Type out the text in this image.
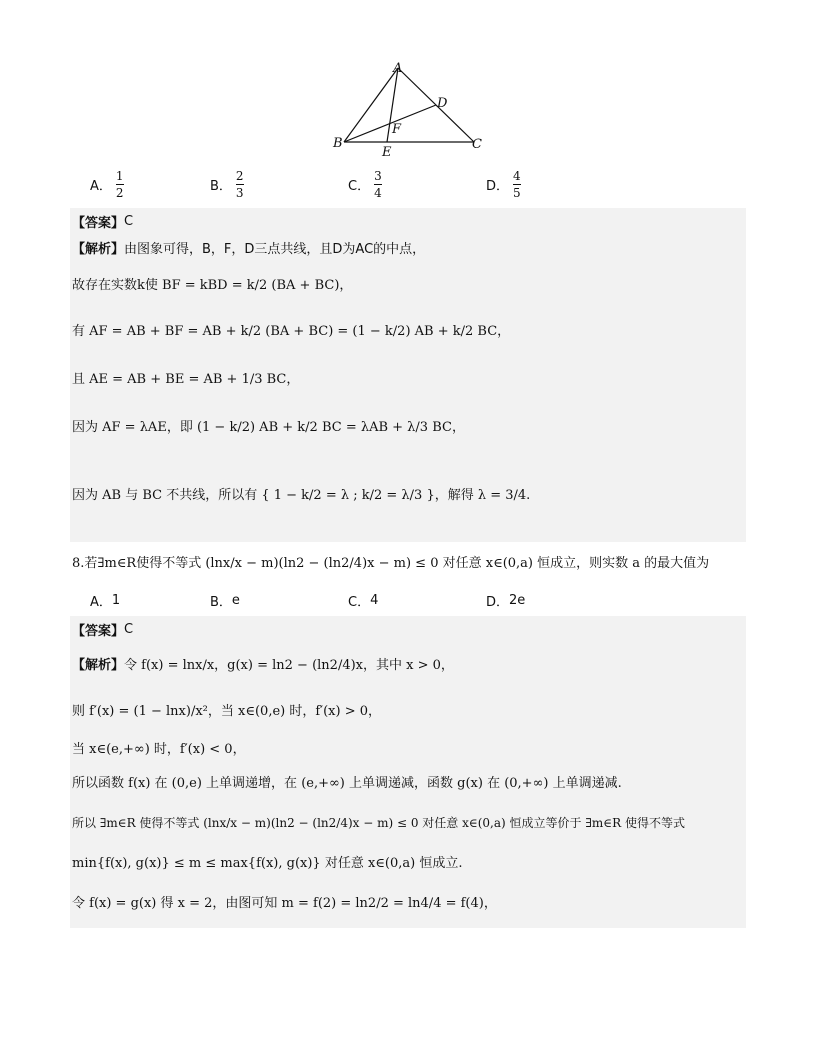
A
B	C
D
E
F
A． $\frac{1}{2}$	B． $\frac{2}{3}$	C． $\frac{3}{4}$	D． $\frac{4}{5}$
【答案】 C
【解析】 由图象可得，B，F，D三点共线，且D为AC的中点，
故存在实数k使 BF = kBD = k/2 (BA + BC)，
有 AF = AB + BF = AB + k/2 (BA + BC) = (1 − k/2) AB + k/2 BC，
且 AE = AB + BE = AB + 1/3 BC，
因为 AF = λAE，即 (1 − k/2) AB + k/2 BC = λAB + λ/3 BC，
因为 AB 与 BC 不共线，所以有 { 1 − k/2 = λ ; k/2 = λ/3 }，解得 λ = 3/4.
8.若∃m∈R使得不等式 (lnx/x − m)(ln2 − (ln2/4)x − m) ≤ 0 对任意 x∈(0,a) 恒成立，则实数 a 的最大值为
A． 1	B． e	C． 4	D． 2e
【答案】 C
【解析】 令 f(x) = lnx/x，g(x) = ln2 − (ln2/4)x，其中 x > 0，
则 f′(x) = (1 − lnx)/x²，当 x∈(0,e) 时，f′(x) > 0，
当 x∈(e,+∞) 时，f′(x) < 0，
所以函数 f(x) 在 (0,e) 上单调递增，在 (e,+∞) 上单调递减，函数 g(x) 在 (0,+∞) 上单调递减.
所以 ∃m∈R 使得不等式 (lnx/x − m)(ln2 − (ln2/4)x − m) ≤ 0 对任意 x∈(0,a) 恒成立等价于 ∃m∈R 使得不等式
min{f(x), g(x)} ≤ m ≤ max{f(x), g(x)} 对任意 x∈(0,a) 恒成立.
令 f(x) = g(x) 得 x = 2，由图可知 m = f(2) = ln2/2 = ln4/4 = f(4)，
